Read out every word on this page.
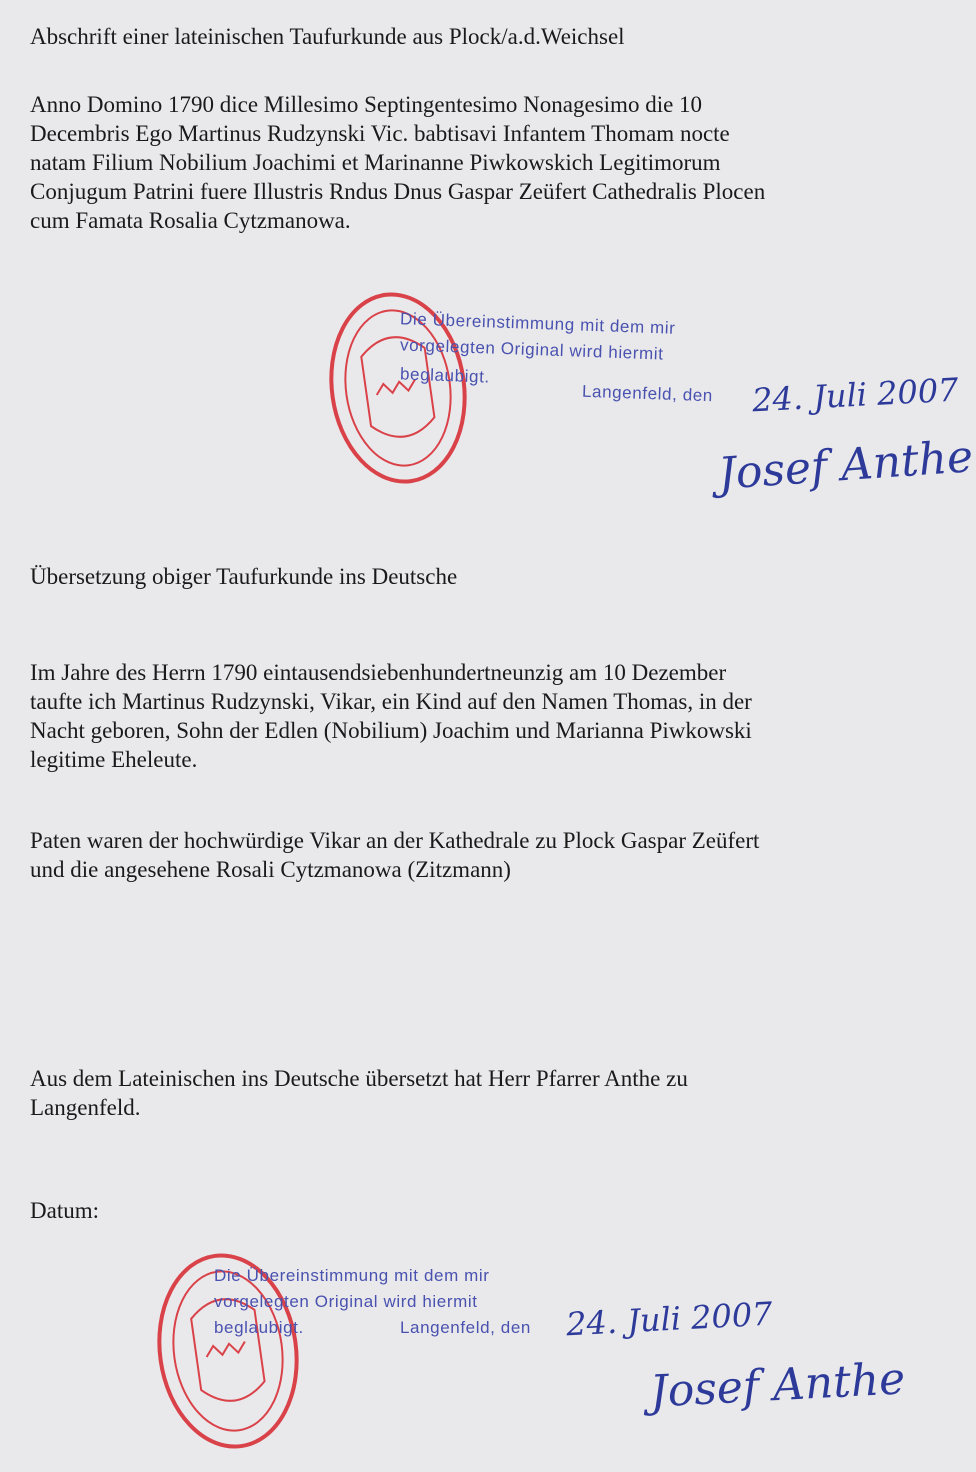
Abschrift einer lateinischen Taufurkunde aus Plock/a.d.Weichsel
Anno Domino 1790 dice Millesimo Septingentesimo Nonagesimo die 10
Decembris Ego Martinus Rudzynski Vic. babtisavi Infantem Thomam nocte
natam Filium Nobilium Joachimi et Marinanne Piwkowskich Legitimorum
Conjugum Patrini fuere Illustris Rndus Dnus Gaspar Zeüfert Cathedralis Plocen
cum Famata Rosalia Cytzmanowa.
Die Übereinstimmung mit dem mir
vorgelegten Original wird hiermit
beglaubigt.
Langenfeld, den 24. Juli 2007
Josef Anthe
Übersetzung obiger Taufurkunde ins Deutsche
Im Jahre des Herrn 1790 eintausendsiebenhundertneunzig am 10 Dezember
taufte ich Martinus Rudzynski, Vikar, ein Kind auf den Namen Thomas, in der
Nacht geboren, Sohn der Edlen (Nobilium) Joachim und Marianna Piwkowski
legitime Eheleute.
Paten waren der hochwürdige Vikar an der Kathedrale zu Plock Gaspar Zeüfert
und die angesehene Rosali Cytzmanowa (Zitzmann)
Aus dem Lateinischen ins Deutsche übersetzt hat Herr Pfarrer Anthe zu
Langenfeld.
Datum:
Die Übereinstimmung mit dem mir
vorgelegten Original wird hiermit
beglaubigt.	Langenfeld, den 24. Juli 2007
Josef Anthe
